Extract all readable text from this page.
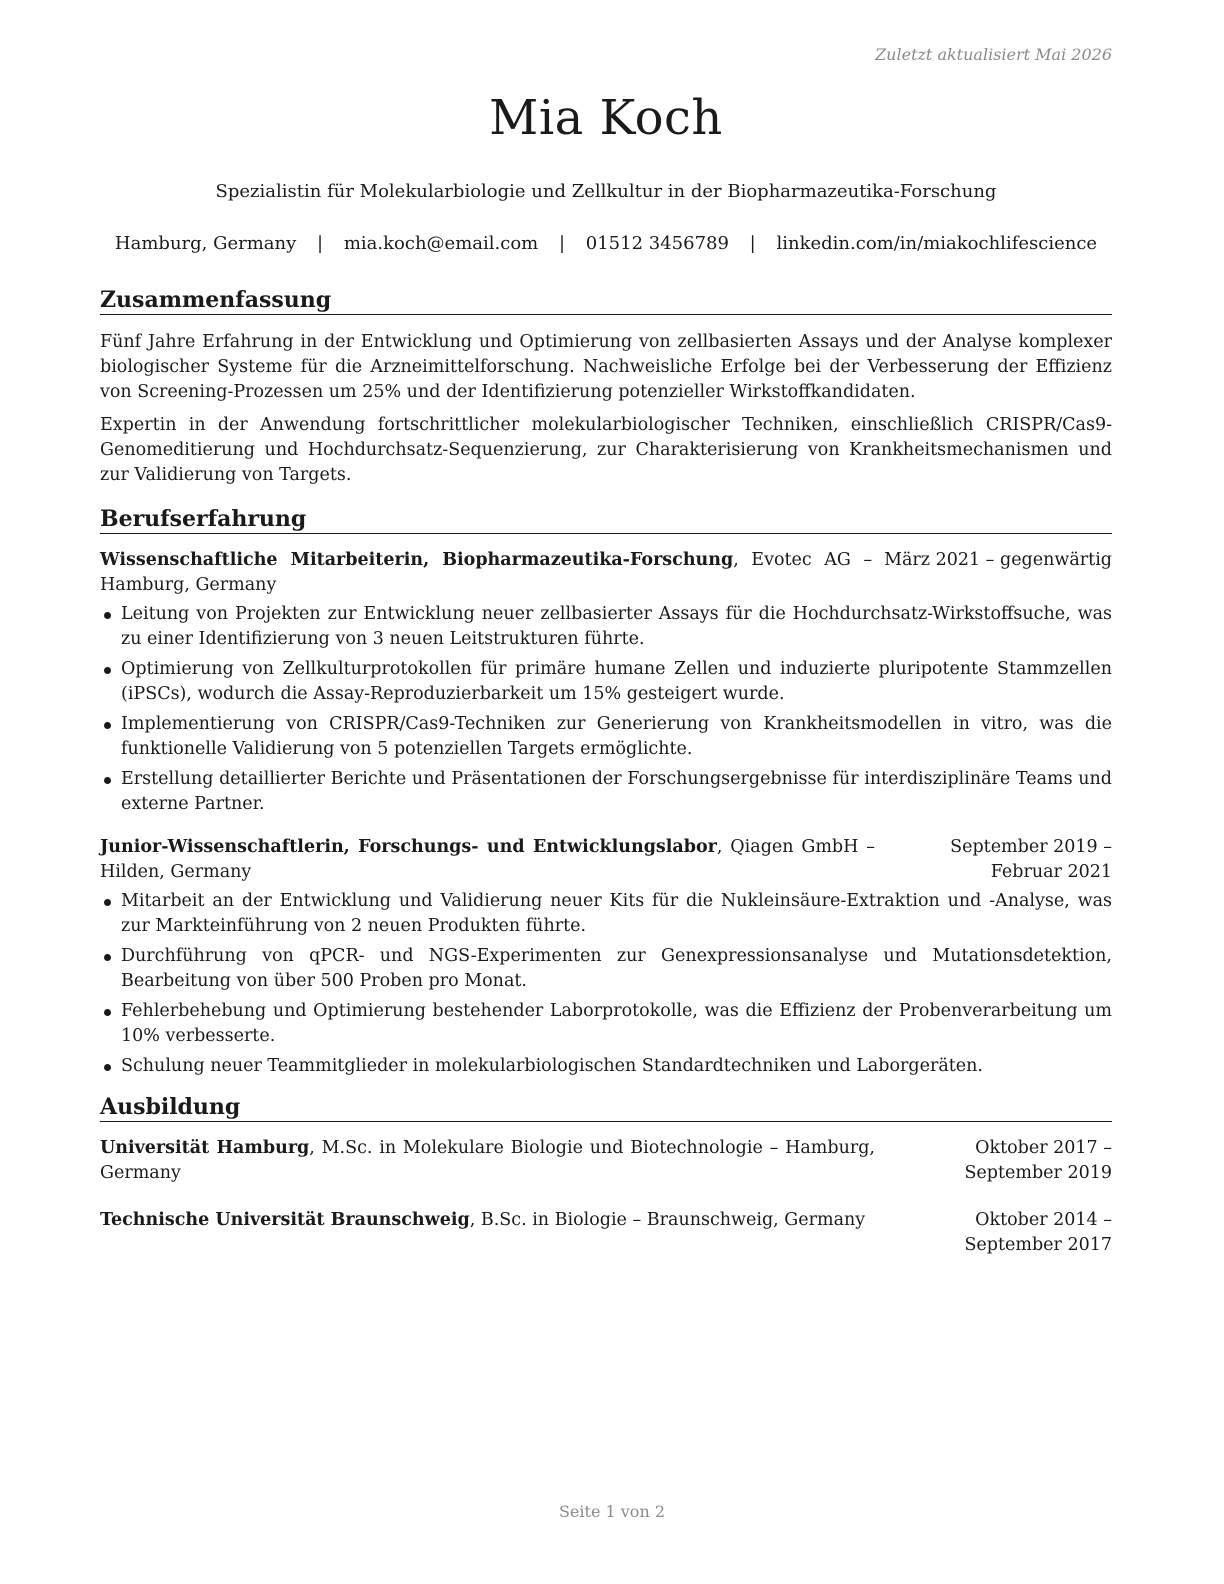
Zuletzt aktualisiert Mai 2026
Mia Koch
Spezialistin für Molekularbiologie und Zellkultur in der Biopharmazeutika-Forschung
Hamburg, Germany | mia.koch@email.com | 01512 3456789 | linkedin.com/in/miakochlifescience
Zusammenfassung

Fünf Jahre Erfahrung in der Entwicklung und Optimierung von zellbasierten Assays und der Analyse komplexer biologischer Systeme für die Arzneimittelforschung. Nachweisliche Erfolge bei der Verbesserung der Effizienz von Screening-Prozessen um 25% und der Identifizierung potenzieller Wirkstoffkandidaten.

Expertin in der Anwendung fortschrittlicher molekularbiologischer Techniken, einschließlich CRISPR/Cas9-Genomeditierung und Hochdurchsatz-Sequenzierung, zur Charakterisierung von Krankheitsmechanismen und zur Validierung von Targets.

Berufserfahrung
Wissenschaftliche Mitarbeiterin, Biopharmazeutika-Forschung, Evotec AG – Hamburg, Germany
März 2021 – gegenwärtig
Leitung von Projekten zur Entwicklung neuer zellbasierter Assays für die Hochdurchsatz-Wirkstoffsuche, was zu einer Identifizierung von 3 neuen Leitstrukturen führte.
Optimierung von Zellkulturprotokollen für primäre humane Zellen und induzierte pluripotente Stammzellen (iPSCs), wodurch die Assay-Reproduzierbarkeit um 15% gesteigert wurde.
Implementierung von CRISPR/Cas9-Techniken zur Generierung von Krankheitsmodellen in vitro, was die funktionelle Validierung von 5 potenziellen Targets ermöglichte.
Erstellung detaillierter Berichte und Präsentationen der Forschungsergebnisse für interdisziplinäre Teams und externe Partner.
Junior-Wissenschaftlerin, Forschungs- und Entwicklungslabor, Qiagen GmbH – Hilden, Germany
September 2019 – Februar 2021
Mitarbeit an der Entwicklung und Validierung neuer Kits für die Nukleinsäure-Extraktion und -Analyse, was zur Markteinführung von 2 neuen Produkten führte.
Durchführung von qPCR- und NGS-Experimenten zur Genexpressionsanalyse und Mutationsdetektion, Bearbeitung von über 500 Proben pro Monat.
Fehlerbehebung und Optimierung bestehender Laborprotokolle, was die Effizienz der Probenverarbeitung um 10% verbesserte.
Schulung neuer Teammitglieder in molekularbiologischen Standardtechniken und Laborgeräten.
Ausbildung
Universität Hamburg, M.Sc. in Molekulare Biologie und Biotechnologie – Hamburg, Germany
Oktober 2017 – September 2019
Technische Universität Braunschweig, B.Sc. in Biologie – Braunschweig, Germany	Oktober 2014 – September 2017
Seite 1 von 2
